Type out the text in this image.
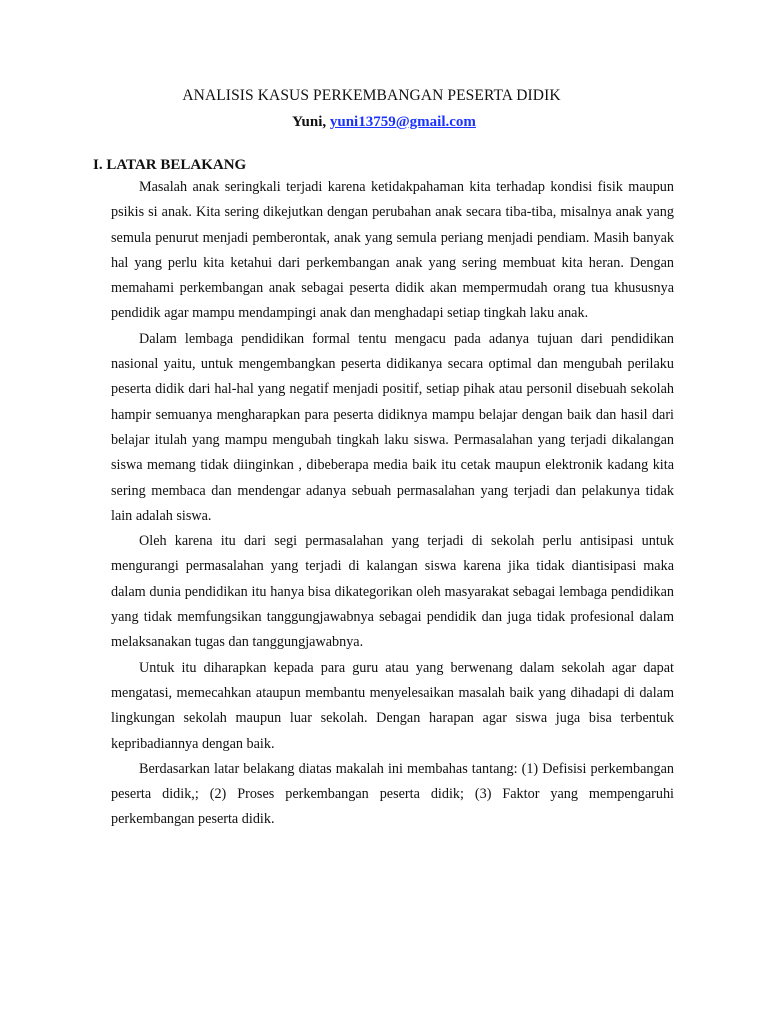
ANALISIS KASUS PERKEMBANGAN PESERTA DIDIK
Yuni, yuni13759@gmail.com
I. LATAR BELAKANG

Masalah anak seringkali terjadi karena ketidakpahaman kita terhadap kondisi fisik maupun psikis si anak. Kita sering dikejutkan dengan perubahan anak secara tiba-tiba, misalnya anak yang semula penurut menjadi pemberontak, anak yang semula periang menjadi pendiam. Masih banyak hal yang perlu kita ketahui dari perkembangan anak yang sering membuat kita heran. Dengan memahami perkembangan anak sebagai peserta didik akan mempermudah orang tua khususnya pendidik agar mampu mendampingi anak dan menghadapi setiap tingkah laku anak.

Dalam lembaga pendidikan formal tentu mengacu pada adanya tujuan dari pendidikan nasional yaitu, untuk mengembangkan peserta didikanya secara optimal dan mengubah perilaku peserta didik dari hal-hal yang negatif menjadi positif, setiap pihak atau personil disebuah sekolah hampir semuanya mengharapkan para peserta didiknya mampu belajar dengan baik dan hasil dari belajar itulah yang mampu mengubah tingkah laku siswa. Permasalahan yang terjadi dikalangan siswa memang tidak diinginkan , dibeberapa media baik itu cetak maupun elektronik kadang kita sering membaca dan mendengar adanya sebuah permasalahan yang terjadi dan pelakunya tidak lain adalah siswa.

Oleh karena itu dari segi permasalahan yang terjadi di sekolah perlu antisipasi untuk mengurangi permasalahan yang terjadi di kalangan siswa karena jika tidak diantisipasi maka dalam dunia pendidikan itu hanya bisa dikategorikan oleh masyarakat sebagai lembaga pendidikan yang tidak memfungsikan tanggungjawabnya sebagai pendidik dan juga tidak profesional dalam melaksanakan tugas dan tanggungjawabnya.

Untuk itu diharapkan kepada para guru atau yang berwenang dalam sekolah agar dapat mengatasi, memecahkan ataupun membantu menyelesaikan masalah baik yang dihadapi di dalam lingkungan sekolah maupun luar sekolah. Dengan harapan agar siswa juga bisa terbentuk kepribadiannya dengan baik.

Berdasarkan latar belakang diatas makalah ini membahas tantang: (1) Defisisi perkembangan peserta didik,; (2) Proses perkembangan peserta didik; (3) Faktor yang mempengaruhi perkembangan peserta didik.
